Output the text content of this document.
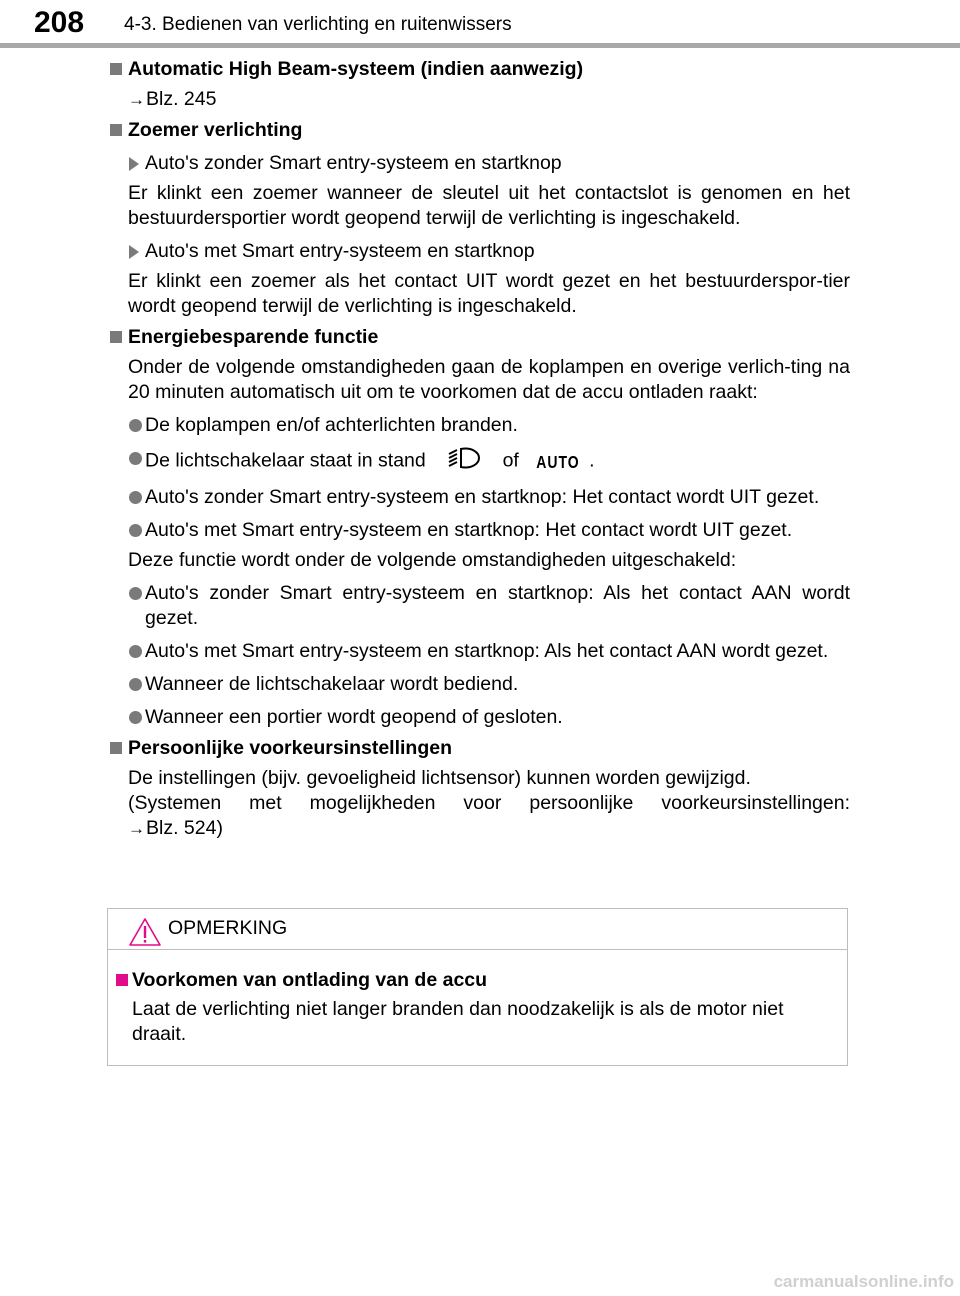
208	4-3. Bedienen van verlichting en ruitenwissers
Automatic High Beam-systeem (indien aanwezig)
→Blz. 245
Zoemer verlichting
Auto's zonder Smart entry-systeem en startknop
Er klinkt een zoemer wanneer de sleutel uit het contactslot is genomen en het bestuurdersportier wordt geopend terwijl de verlichting is ingeschakeld.
Auto's met Smart entry-systeem en startknop
Er klinkt een zoemer als het contact UIT wordt gezet en het bestuurderspor-tier wordt geopend terwijl de verlichting is ingeschakeld.
Energiebesparende functie
Onder de volgende omstandigheden gaan de koplampen en overige verlich-ting na 20 minuten automatisch uit om te voorkomen dat de accu ontladen raakt:
De koplampen en/of achterlichten branden.
De lichtschakelaar staat in stand	of AUTO .
Auto's zonder Smart entry-systeem en startknop: Het contact wordt UIT gezet.
Auto's met Smart entry-systeem en startknop: Het contact wordt UIT gezet.
Deze functie wordt onder de volgende omstandigheden uitgeschakeld:
Auto's zonder Smart entry-systeem en startknop: Als het contact AAN wordt gezet.
Auto's met Smart entry-systeem en startknop: Als het contact AAN wordt gezet.
Wanneer de lichtschakelaar wordt bediend.
Wanneer een portier wordt geopend of gesloten.
Persoonlijke voorkeursinstellingen
De instellingen (bijv. gevoeligheid lichtsensor) kunnen worden gewijzigd.
(Systemen met mogelijkheden voor persoonlijke voorkeursinstellingen:
→Blz. 524)
OPMERKING
Voorkomen van ontlading van de accu
Laat de verlichting niet langer branden dan noodzakelijk is als de motor niet draait.
carmanualsonline.info
